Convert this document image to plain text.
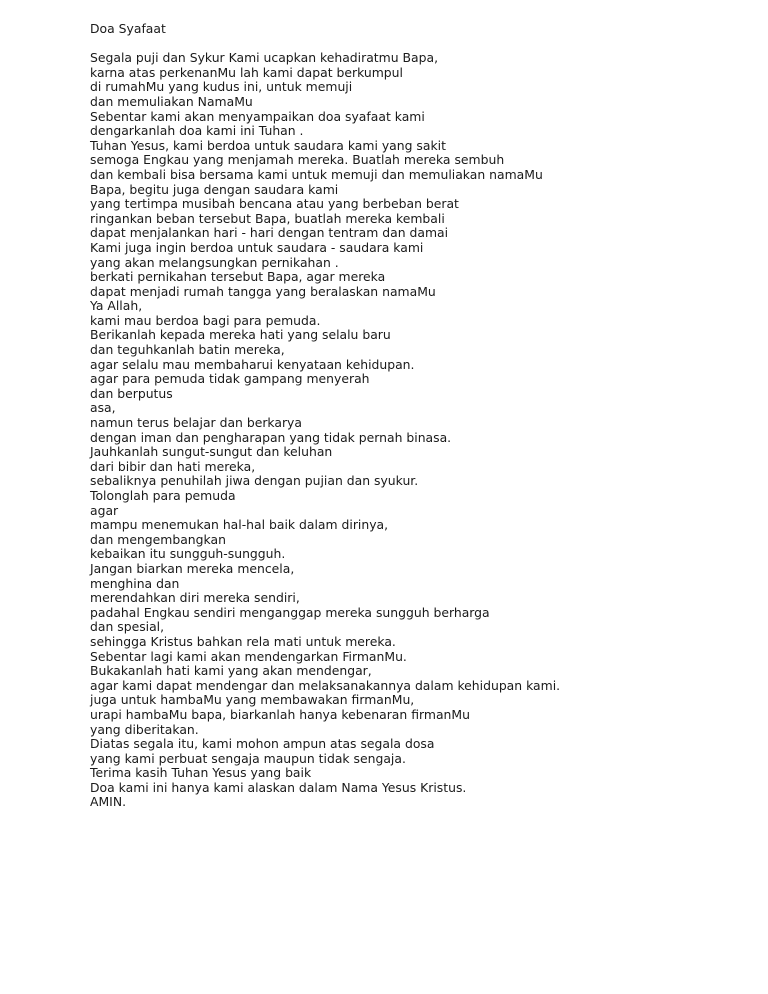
Doa Syafaat
Segala puji dan Sykur Kami ucapkan kehadiratmu Bapa,
karna atas perkenanMu lah kami dapat berkumpul
di rumahMu yang kudus ini, untuk memuji
dan memuliakan NamaMu
Sebentar kami akan menyampaikan doa syafaat kami
dengarkanlah doa kami ini Tuhan .
Tuhan Yesus, kami berdoa untuk saudara kami yang sakit
semoga Engkau yang menjamah mereka. Buatlah mereka sembuh
dan kembali bisa bersama kami untuk memuji dan memuliakan namaMu
Bapa, begitu juga dengan saudara kami
yang tertimpa musibah bencana atau yang berbeban berat
ringankan beban tersebut Bapa, buatlah mereka kembali
dapat menjalankan hari - hari dengan tentram dan damai
Kami juga ingin berdoa untuk saudara - saudara kami
yang akan melangsungkan pernikahan .
berkati pernikahan tersebut Bapa, agar mereka
dapat menjadi rumah tangga yang beralaskan namaMu
Ya Allah,
kami mau berdoa bagi para pemuda.
Berikanlah kepada mereka hati yang selalu baru
dan teguhkanlah batin mereka,
agar selalu mau membaharui kenyataan kehidupan.
agar para pemuda tidak gampang menyerah
dan berputus
asa,
namun terus belajar dan berkarya
dengan iman dan pengharapan yang tidak pernah binasa.
Jauhkanlah sungut-sungut dan keluhan
dari bibir dan hati mereka,
sebaliknya penuhilah jiwa dengan pujian dan syukur.
Tolonglah para pemuda
agar
mampu menemukan hal-hal baik dalam dirinya,
dan mengembangkan
kebaikan itu sungguh-sungguh.
Jangan biarkan mereka mencela,
menghina dan
merendahkan diri mereka sendiri,
padahal Engkau sendiri menganggap mereka sungguh berharga
dan spesial,
sehingga Kristus bahkan rela mati untuk mereka.
Sebentar lagi kami akan mendengarkan FirmanMu.
Bukakanlah hati kami yang akan mendengar,
agar kami dapat mendengar dan melaksanakannya dalam kehidupan kami.
juga untuk hambaMu yang membawakan firmanMu,
urapi hambaMu bapa, biarkanlah hanya kebenaran firmanMu
yang diberitakan.
Diatas segala itu, kami mohon ampun atas segala dosa
yang kami perbuat sengaja maupun tidak sengaja.
Terima kasih Tuhan Yesus yang baik
Doa kami ini hanya kami alaskan dalam Nama Yesus Kristus.
AMIN.
